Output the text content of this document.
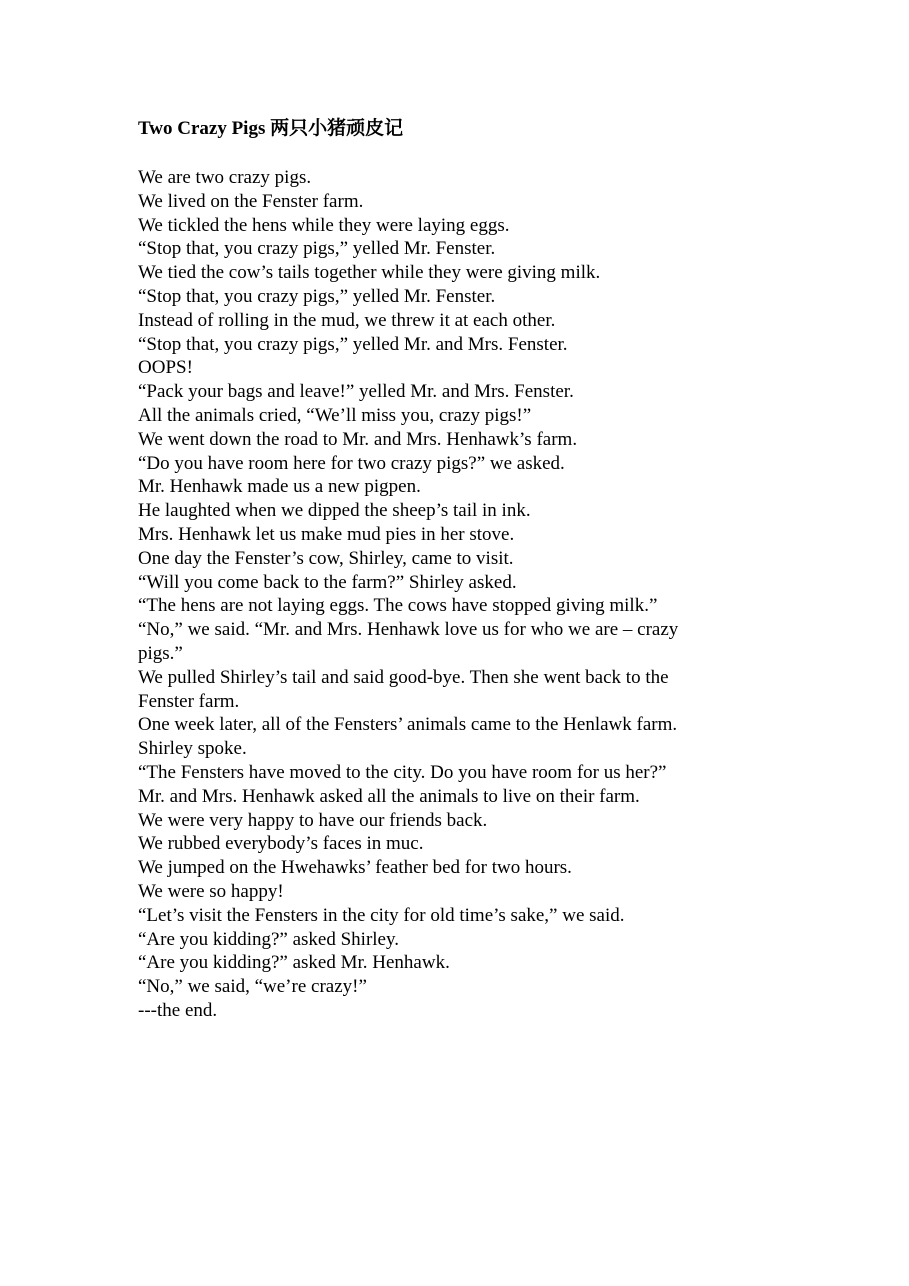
Two Crazy Pigs 两只小猪顽皮记
We are two crazy pigs.
We lived on the Fenster farm.
We tickled the hens while they were laying eggs.
“Stop that, you crazy pigs,” yelled Mr. Fenster.
We tied the cow’s tails together while they were giving milk.
“Stop that, you crazy pigs,” yelled Mr. Fenster.
Instead of rolling in the mud, we threw it at each other.
“Stop that, you crazy pigs,” yelled Mr. and Mrs. Fenster.
OOPS!
“Pack your bags and leave!” yelled Mr. and Mrs. Fenster.
All the animals cried, “We’ll miss you, crazy pigs!”
We went down the road to Mr. and Mrs. Henhawk’s farm.
“Do you have room here for two crazy pigs?” we asked.
Mr. Henhawk made us a new pigpen.
He laughted when we dipped the sheep’s tail in ink.
Mrs. Henhawk let us make mud pies in her stove.
One day the Fenster’s cow, Shirley, came to visit.
“Will you come back to the farm?” Shirley asked.
“The hens are not laying eggs. The cows have stopped giving milk.”
“No,” we said. “Mr. and Mrs. Henhawk love us for who we are – crazy
pigs.”
We pulled Shirley’s tail and said good-bye. Then she went back to the
Fenster farm.
One week later, all of the Fensters’ animals came to the Henlawk farm.
Shirley spoke.
“The Fensters have moved to the city. Do you have room for us her?”
Mr. and Mrs. Henhawk asked all the animals to live on their farm.
We were very happy to have our friends back.
We rubbed everybody’s faces in muc.
We jumped on the Hwehawks’ feather bed for two hours.
We were so happy!
“Let’s visit the Fensters in the city for old time’s sake,” we said.
“Are you kidding?” asked Shirley.
“Are you kidding?” asked Mr. Henhawk.
“No,” we said, “we’re crazy!”
---the end.
